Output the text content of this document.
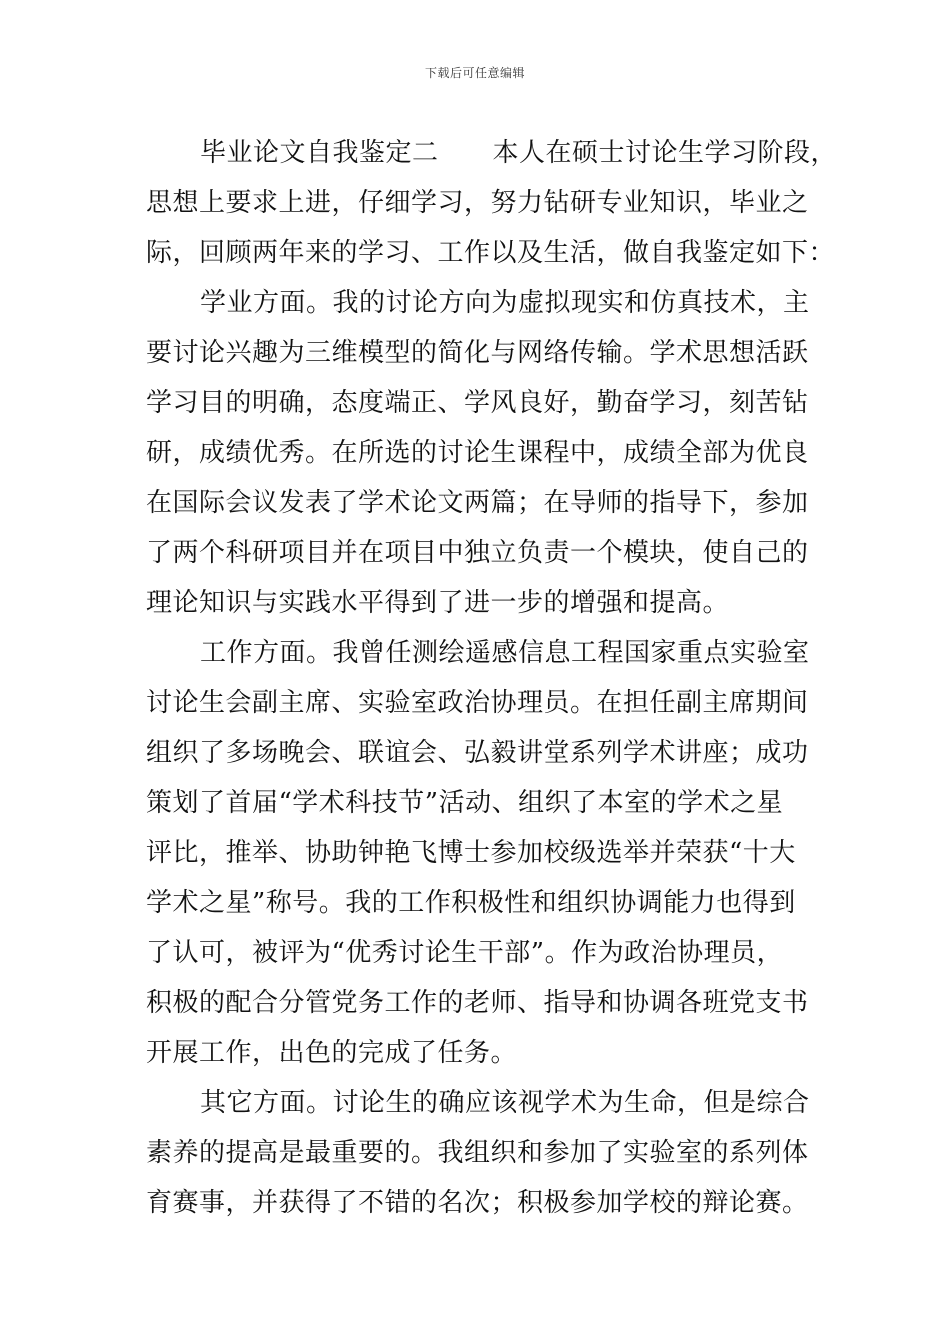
下载后可任意编辑
毕业论文自我鉴定二 本人在硕士讨论生学习阶段，
思想上要求上进，仔细学习，努力钻研专业知识，毕业之
际，回顾两年来的学习、工作以及生活，做自我鉴定如下：
学业方面。我的讨论方向为虚拟现实和仿真技术，主
要讨论兴趣为三维模型的简化与网络传输。学术思想活跃
学习目的明确，态度端正、学风良好，勤奋学习，刻苦钻
研，成绩优秀。在所选的讨论生课程中，成绩全部为优良
在国际会议发表了学术论文两篇；在导师的指导下，参加
了两个科研项目并在项目中独立负责一个模块，使自己的
理论知识与实践水平得到了进一步的增强和提高。
工作方面。我曾任测绘遥感信息工程国家重点实验室
讨论生会副主席、实验室政治协理员。在担任副主席期间
组织了多场晚会、联谊会、弘毅讲堂系列学术讲座；成功
策划了首届“学术科技节”活动、组织了本室的学术之星
评比，推举、协助钟艳飞博士参加校级选举并荣获“十大
学术之星”称号。我的工作积极性和组织协调能力也得到
了认可，被评为“优秀讨论生干部”。作为政治协理员，
积极的配合分管党务工作的老师、指导和协调各班党支书
开展工作，出色的完成了任务。
其它方面。讨论生的确应该视学术为生命，但是综合
素养的提高是最重要的。我组织和参加了实验室的系列体
育赛事，并获得了不错的名次；积极参加学校的辩论赛。
